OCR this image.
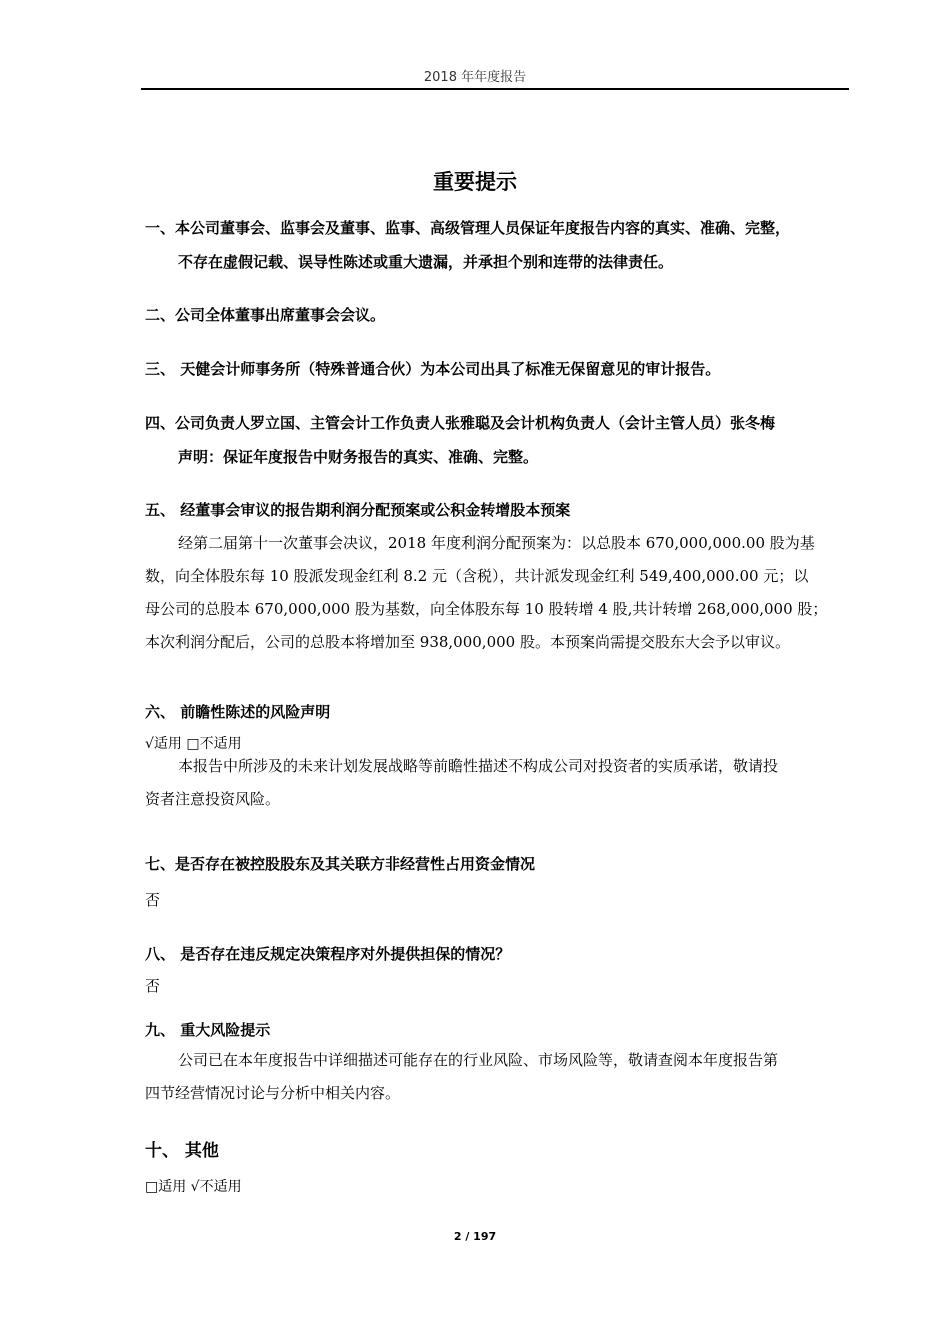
2018 年年度报告
重要提示
一、本公司董事会、监事会及董事、监事、高级管理人员保证年度报告内容的真实、准确、完整，
不存在虚假记载、误导性陈述或重大遗漏，并承担个别和连带的法律责任。
二、公司全体董事出席董事会会议。
三、 天健会计师事务所（特殊普通合伙）为本公司出具了标准无保留意见的审计报告。
四、公司负责人罗立国、主管会计工作负责人张雅聪及会计机构负责人（会计主管人员）张冬梅
声明：保证年度报告中财务报告的真实、准确、完整。
五、 经董事会审议的报告期利润分配预案或公积金转增股本预案
经第二届第十一次董事会决议，2018 年度利润分配预案为：以总股本 670,000,000.00 股为基
数，向全体股东每 10 股派发现金红利 8.2 元（含税），共计派发现金红利 549,400,000.00 元；以
母公司的总股本 670,000,000 股为基数，向全体股东每 10 股转增 4 股,共计转增 268,000,000 股；
本次利润分配后，公司的总股本将增加至 938,000,000 股。本预案尚需提交股东大会予以审议。
六、 前瞻性陈述的风险声明
√适用 □不适用
本报告中所涉及的未来计划发展战略等前瞻性描述不构成公司对投资者的实质承诺，敬请投
资者注意投资风险。
七、是否存在被控股股东及其关联方非经营性占用资金情况
否
八、 是否存在违反规定决策程序对外提供担保的情况？
否
九、 重大风险提示
公司已在本年度报告中详细描述可能存在的行业风险、市场风险等，敬请查阅本年度报告第
四节经营情况讨论与分析中相关内容。
十、 其他
□适用 √不适用
2 / 197
